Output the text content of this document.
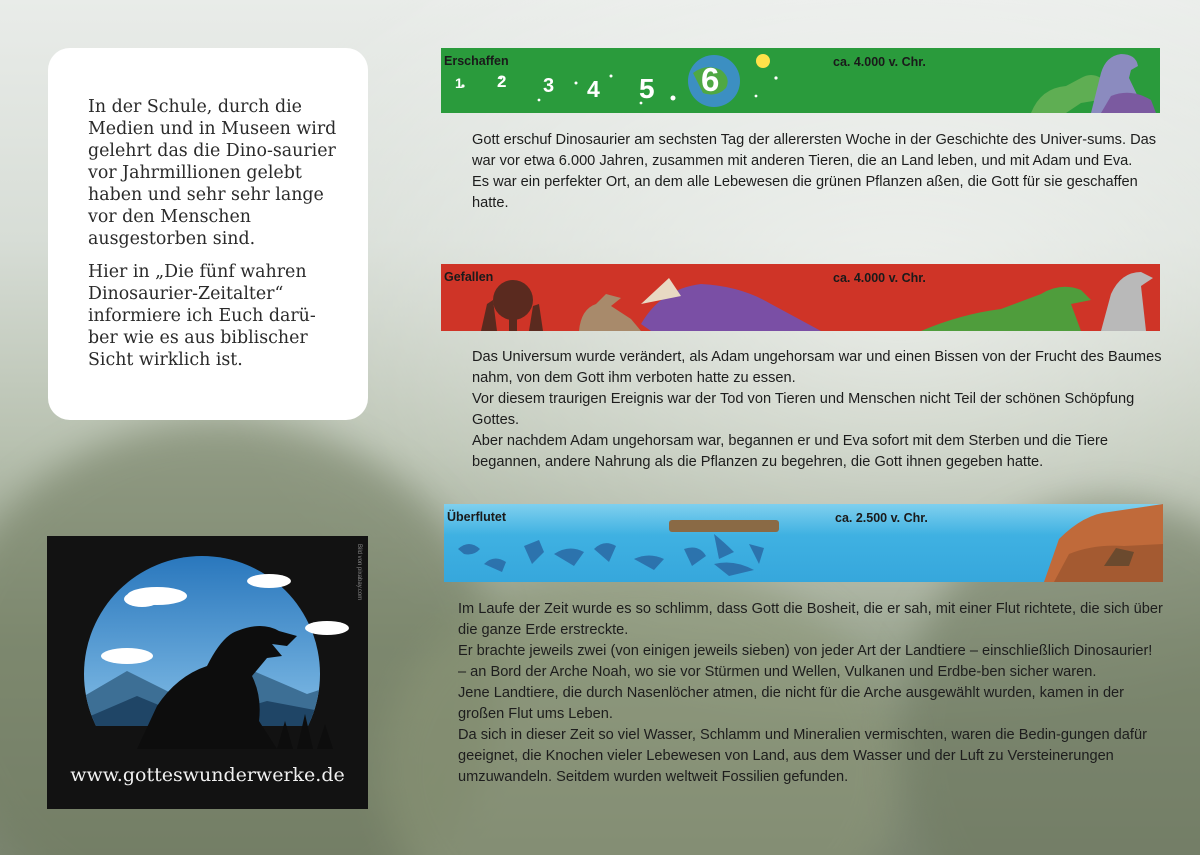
In der Schule, durch die Medien und in Museen wird gelehrt das die Dino-saurier vor Jahrmillionen gelebt haben und sehr sehr lange vor den Menschen ausgestorben sind.

Hier in „Die fünf wahren Dinosaurier-Zeitalter“ informiere ich Euch darü-ber wie es aus biblischer Sicht wirklich ist.

Bild von pixabay.com
www.gotteswunderwerke.de
Erschaffen	ca. 4.000 v. Chr.
1 2 3 4 5 6
Gott erschuf Dinosaurier am sechsten Tag der allerersten Woche in der Geschichte des Univer-sums. Das war vor etwa 6.000 Jahren, zusammen mit anderen Tieren, die an Land leben, und mit Adam und Eva.
Es war ein perfekter Ort, an dem alle Lebewesen die grünen Pflanzen aßen, die Gott für sie geschaffen hatte.
Gefallen	ca. 4.000 v. Chr.
Das Universum wurde verändert, als Adam ungehorsam war und einen Bissen von der Frucht des Baumes nahm, von dem Gott ihm verboten hatte zu essen.
Vor diesem traurigen Ereignis war der Tod von Tieren und Menschen nicht Teil der schönen Schöpfung Gottes.
Aber nachdem Adam ungehorsam war, begannen er und Eva sofort mit dem Sterben und die Tiere begannen, andere Nahrung als die Pflanzen zu begehren, die Gott ihnen gegeben hatte.
Überflutet	ca. 2.500 v. Chr.
Im Laufe der Zeit wurde es so schlimm, dass Gott die Bosheit, die er sah, mit einer Flut richtete, die sich über die ganze Erde erstreckte.
Er brachte jeweils zwei (von einigen jeweils sieben) von jeder Art der Landtiere – einschließlich Dinosaurier! – an Bord der Arche Noah, wo sie vor Stürmen und Wellen, Vulkanen und Erdbe-ben sicher waren.
Jene Landtiere, die durch Nasenlöcher atmen, die nicht für die Arche ausgewählt wurden, kamen in der großen Flut ums Leben.
Da sich in dieser Zeit so viel Wasser, Schlamm und Mineralien vermischten, waren die Bedin-gungen dafür geeignet, die Knochen vieler Lebewesen von Land, aus dem Wasser und der Luft zu Versteinerungen umzuwandeln. Seitdem wurden weltweit Fossilien gefunden.
